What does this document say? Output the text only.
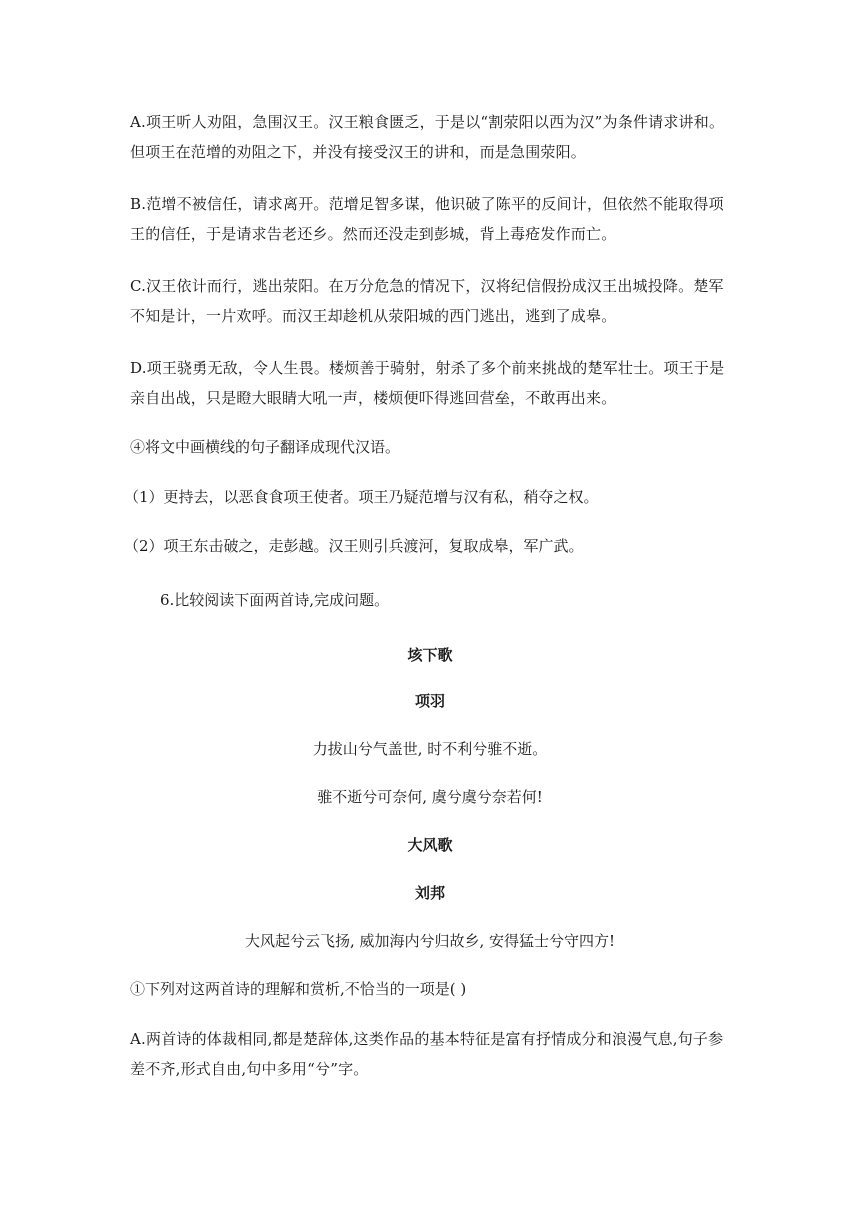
A.项王听人劝阻，急围汉王。汉王粮食匮乏，于是以“割荥阳以西为汉”为条件请求讲和。但项王在范增的劝阻之下，并没有接受汉王的讲和，而是急围荥阳。
B.范增不被信任，请求离开。范增足智多谋，他识破了陈平的反间计，但依然不能取得项王的信任，于是请求告老还乡。然而还没走到彭城，背上毒疮发作而亡。
C.汉王依计而行，逃出荥阳。在万分危急的情况下，汉将纪信假扮成汉王出城投降。楚军不知是计，一片欢呼。而汉王却趁机从荥阳城的西门逃出，逃到了成皋。
D.项王骁勇无敌，令人生畏。楼烦善于骑射，射杀了多个前来挑战的楚军壮士。项王于是亲自出战，只是瞪大眼睛大吼一声，楼烦便吓得逃回营垒，不敢再出来。
④将文中画横线的句子翻译成现代汉语。
（1）更持去，以恶食食项王使者。项王乃疑范增与汉有私，稍夺之权。
（2）项王东击破之，走彭越。汉王则引兵渡河，复取成皋，军广武。
6.比较阅读下面两首诗,完成问题。
垓下歌
项羽
力拔山兮气盖世, 时不利兮骓不逝。
骓不逝兮可奈何, 虞兮虞兮奈若何!
大风歌
刘邦
大风起兮云飞扬, 威加海内兮归故乡, 安得猛士兮守四方!
①下列对这两首诗的理解和赏析,不恰当的一项是( )
A.两首诗的体裁相同,都是楚辞体,这类作品的基本特征是富有抒情成分和浪漫气息,句子参差不齐,形式自由,句中多用“兮”字。
